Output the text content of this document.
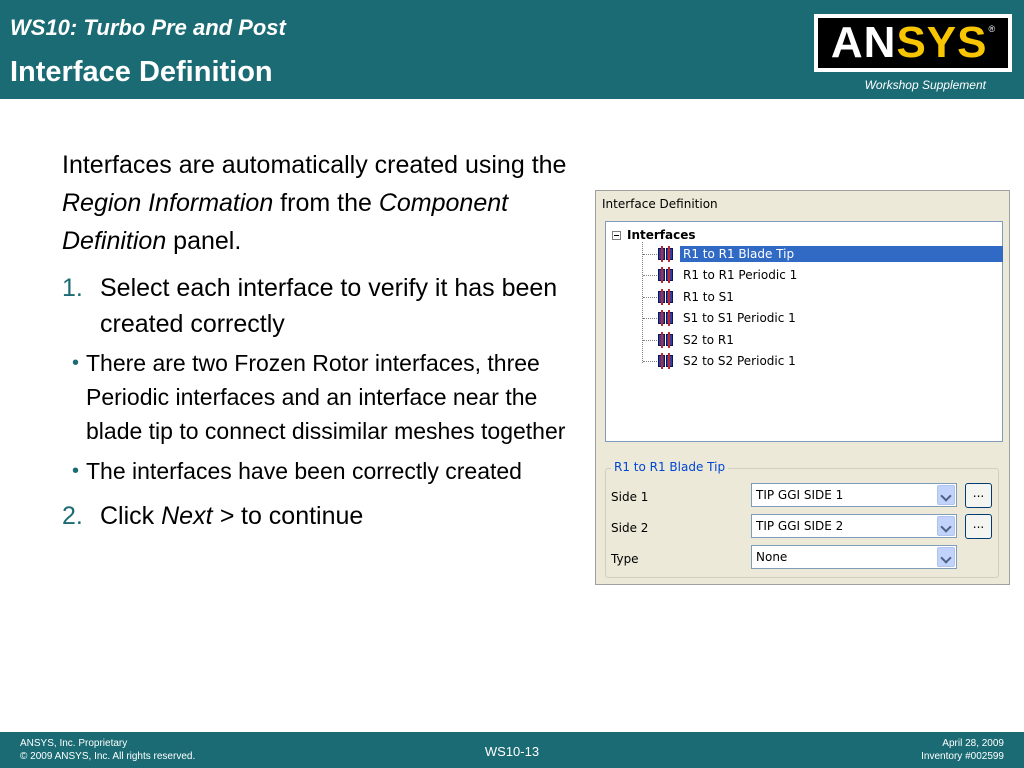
WS10: Turbo Pre and Post
Interface Definition
AN SYS®
Workshop Supplement

Interfaces are automatically created using the Region Information from the Component Definition panel.

1. Select each interface to verify it has been created correctly
• There are two Frozen Rotor interfaces, three Periodic interfaces and an interface near the blade tip to connect dissimilar meshes together
• The interfaces have been correctly created
2. Click Next > to continue
Interface Definition
Interfaces
R1 to R1 Blade Tip
R1 to R1 Periodic 1
R1 to S1
S1 to S1 Periodic 1
S2 to R1
S2 to S2 Periodic 1
Side 1	TIP GGI SIDE 1	...
Side 2	TIP GGI SIDE 2	...
Type	None
R1 to R1 Blade Tip
ANSYS, Inc. Proprietary
© 2009 ANSYS, Inc. All rights reserved.	WS10-13
April 28, 2009
Inventory #002599
